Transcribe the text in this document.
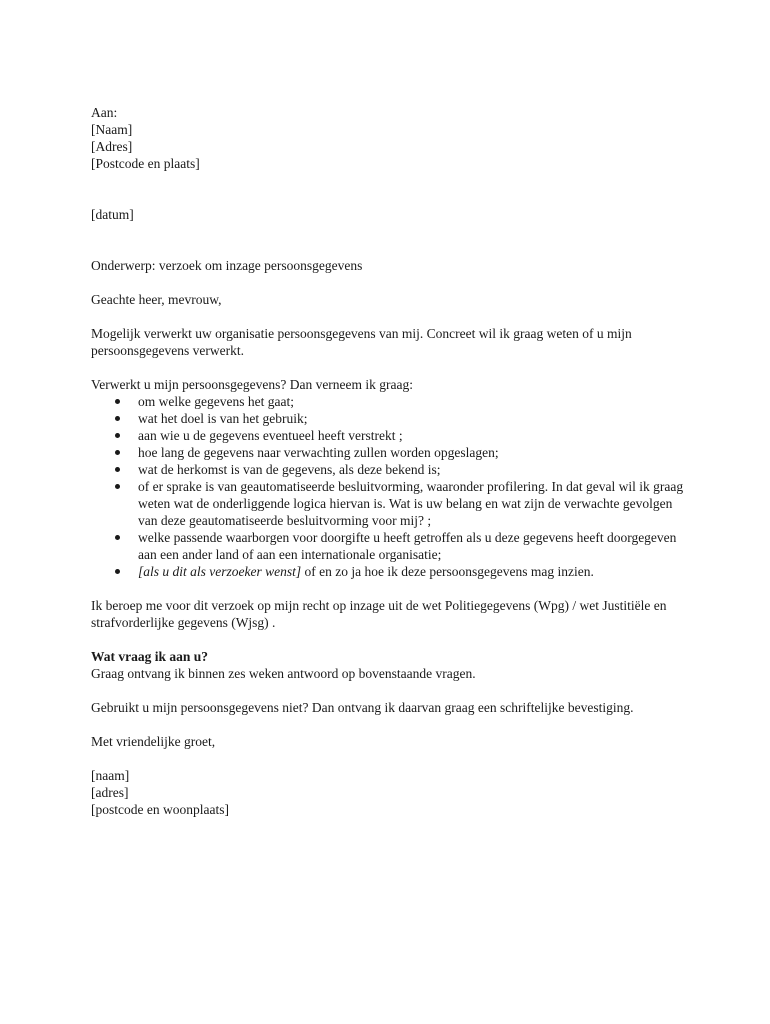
Aan:
[Naam]
[Adres]
[Postcode en plaats]
[datum]
Onderwerp: verzoek om inzage persoonsgegevens
Geachte heer, mevrouw,
Mogelijk verwerkt uw organisatie persoonsgegevens van mij. Concreet wil ik graag weten of u mijn persoonsgegevens verwerkt.
Verwerkt u mijn persoonsgegevens? Dan verneem ik graag:
om welke gegevens het gaat;
wat het doel is van het gebruik;
aan wie u de gegevens eventueel heeft verstrekt ;
hoe lang de gegevens naar verwachting zullen worden opgeslagen;
wat de herkomst is van de gegevens, als deze bekend is;
of er sprake is van geautomatiseerde besluitvorming, waaronder profilering. In dat geval wil ik graag weten wat de onderliggende logica hiervan is. Wat is uw belang en wat zijn de verwachte gevolgen van deze geautomatiseerde besluitvorming voor mij? ;
welke passende waarborgen voor doorgifte u heeft getroffen als u deze gegevens heeft doorgegeven aan een ander land of aan een internationale organisatie;
[als u dit als verzoeker wenst] of en zo ja hoe ik deze persoonsgegevens mag inzien.
Ik beroep me voor dit verzoek op mijn recht op inzage uit de wet Politiegegevens (Wpg) / wet Justitiële en strafvorderlijke gegevens (Wjsg) .
Wat vraag ik aan u?
Graag ontvang ik binnen zes weken antwoord op bovenstaande vragen.
Gebruikt u mijn persoonsgegevens niet? Dan ontvang ik daarvan graag een schriftelijke bevestiging.
Met vriendelijke groet,
[naam]
[adres]
[postcode en woonplaats]
